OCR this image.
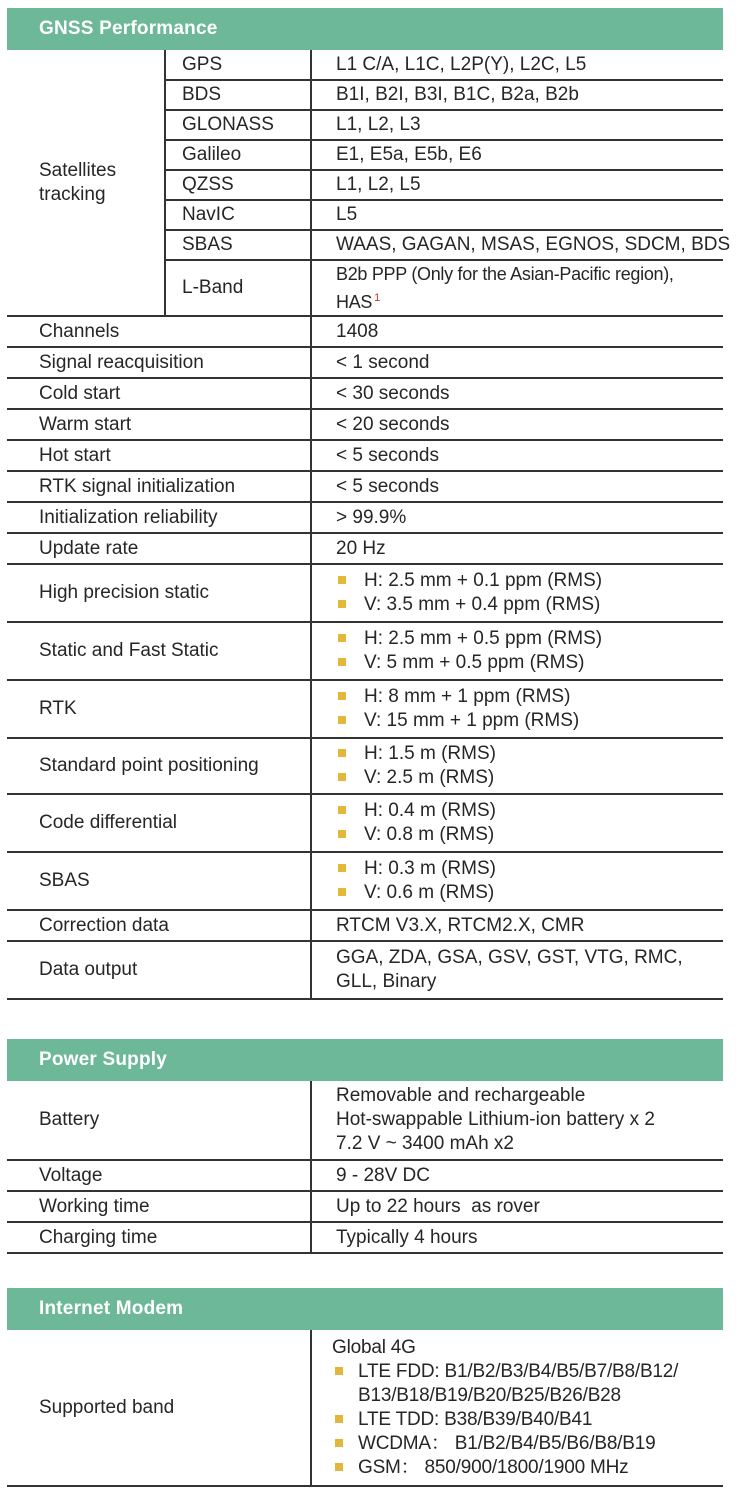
GNSS Performance
Satellites
tracking	GPS	L1 C/A, L1C, L2P(Y), L2C, L5
	BDS	B1I, B2I, B3I, B1C, B2a, B2b
	GLONASS	L1, L2, L3
	Galileo	E1, E5a, E5b, E6
	QZSS	L1, L2, L5
	NavIC	L5
	SBAS	WAAS, GAGAN, MSAS, EGNOS, SDCM, BDS
	L-Band	B2b PPP (Only for the Asian-Pacific region),
HAS $^1$

Channels		1408
Signal reacquisition		< 1 second
Cold start		< 30 seconds
Warm start		< 20 seconds
Hot start		< 5 seconds
RTK signal initialization		< 5 seconds
Initialization reliability		> 99.9%
Update rate		20 Hz
High precision static		H: 2.5 mm + 0.1 ppm (RMS)
V: 3.5 mm + 0.4 ppm (RMS)

Static and Fast Static		H: 2.5 mm + 0.5 ppm (RMS)
V: 5 mm + 0.5 ppm (RMS)

RTK		H: 8 mm + 1 ppm (RMS)
V: 15 mm + 1 ppm (RMS)

Standard point positioning		H: 1.5 m (RMS)
V: 2.5 m (RMS)

Code differential		H: 0.4 m (RMS)
V: 0.8 m (RMS)

SBAS		H: 0.3 m (RMS)
V: 0.6 m (RMS)

Correction data		RTCM V3.X, RTCM2.X, CMR
Data output		GGA, ZDA, GSA, GSV, GST, VTG, RMC,
GLL, Binary
Power Supply
Battery	Removable and rechargeable
Hot-swappable Lithium-ion battery x 2
7.2 V ~ 3400 mAh x2

Voltage	9 - 28V DC
Working time	Up to 22 hours  as rover
Charging time	Typically 4 hours
Internet Modem
Supported band	
Global 4G
LTE FDD: B1/B2/B3/B4/B5/B7/B8/B12/
B13/B18/B19/B20/B25/B26/B28
LTE TDD: B38/B39/B40/B41
WCDMA： B1/B2/B4/B5/B6/B8/B19
GSM： 850/900/1800/1900 MHz
